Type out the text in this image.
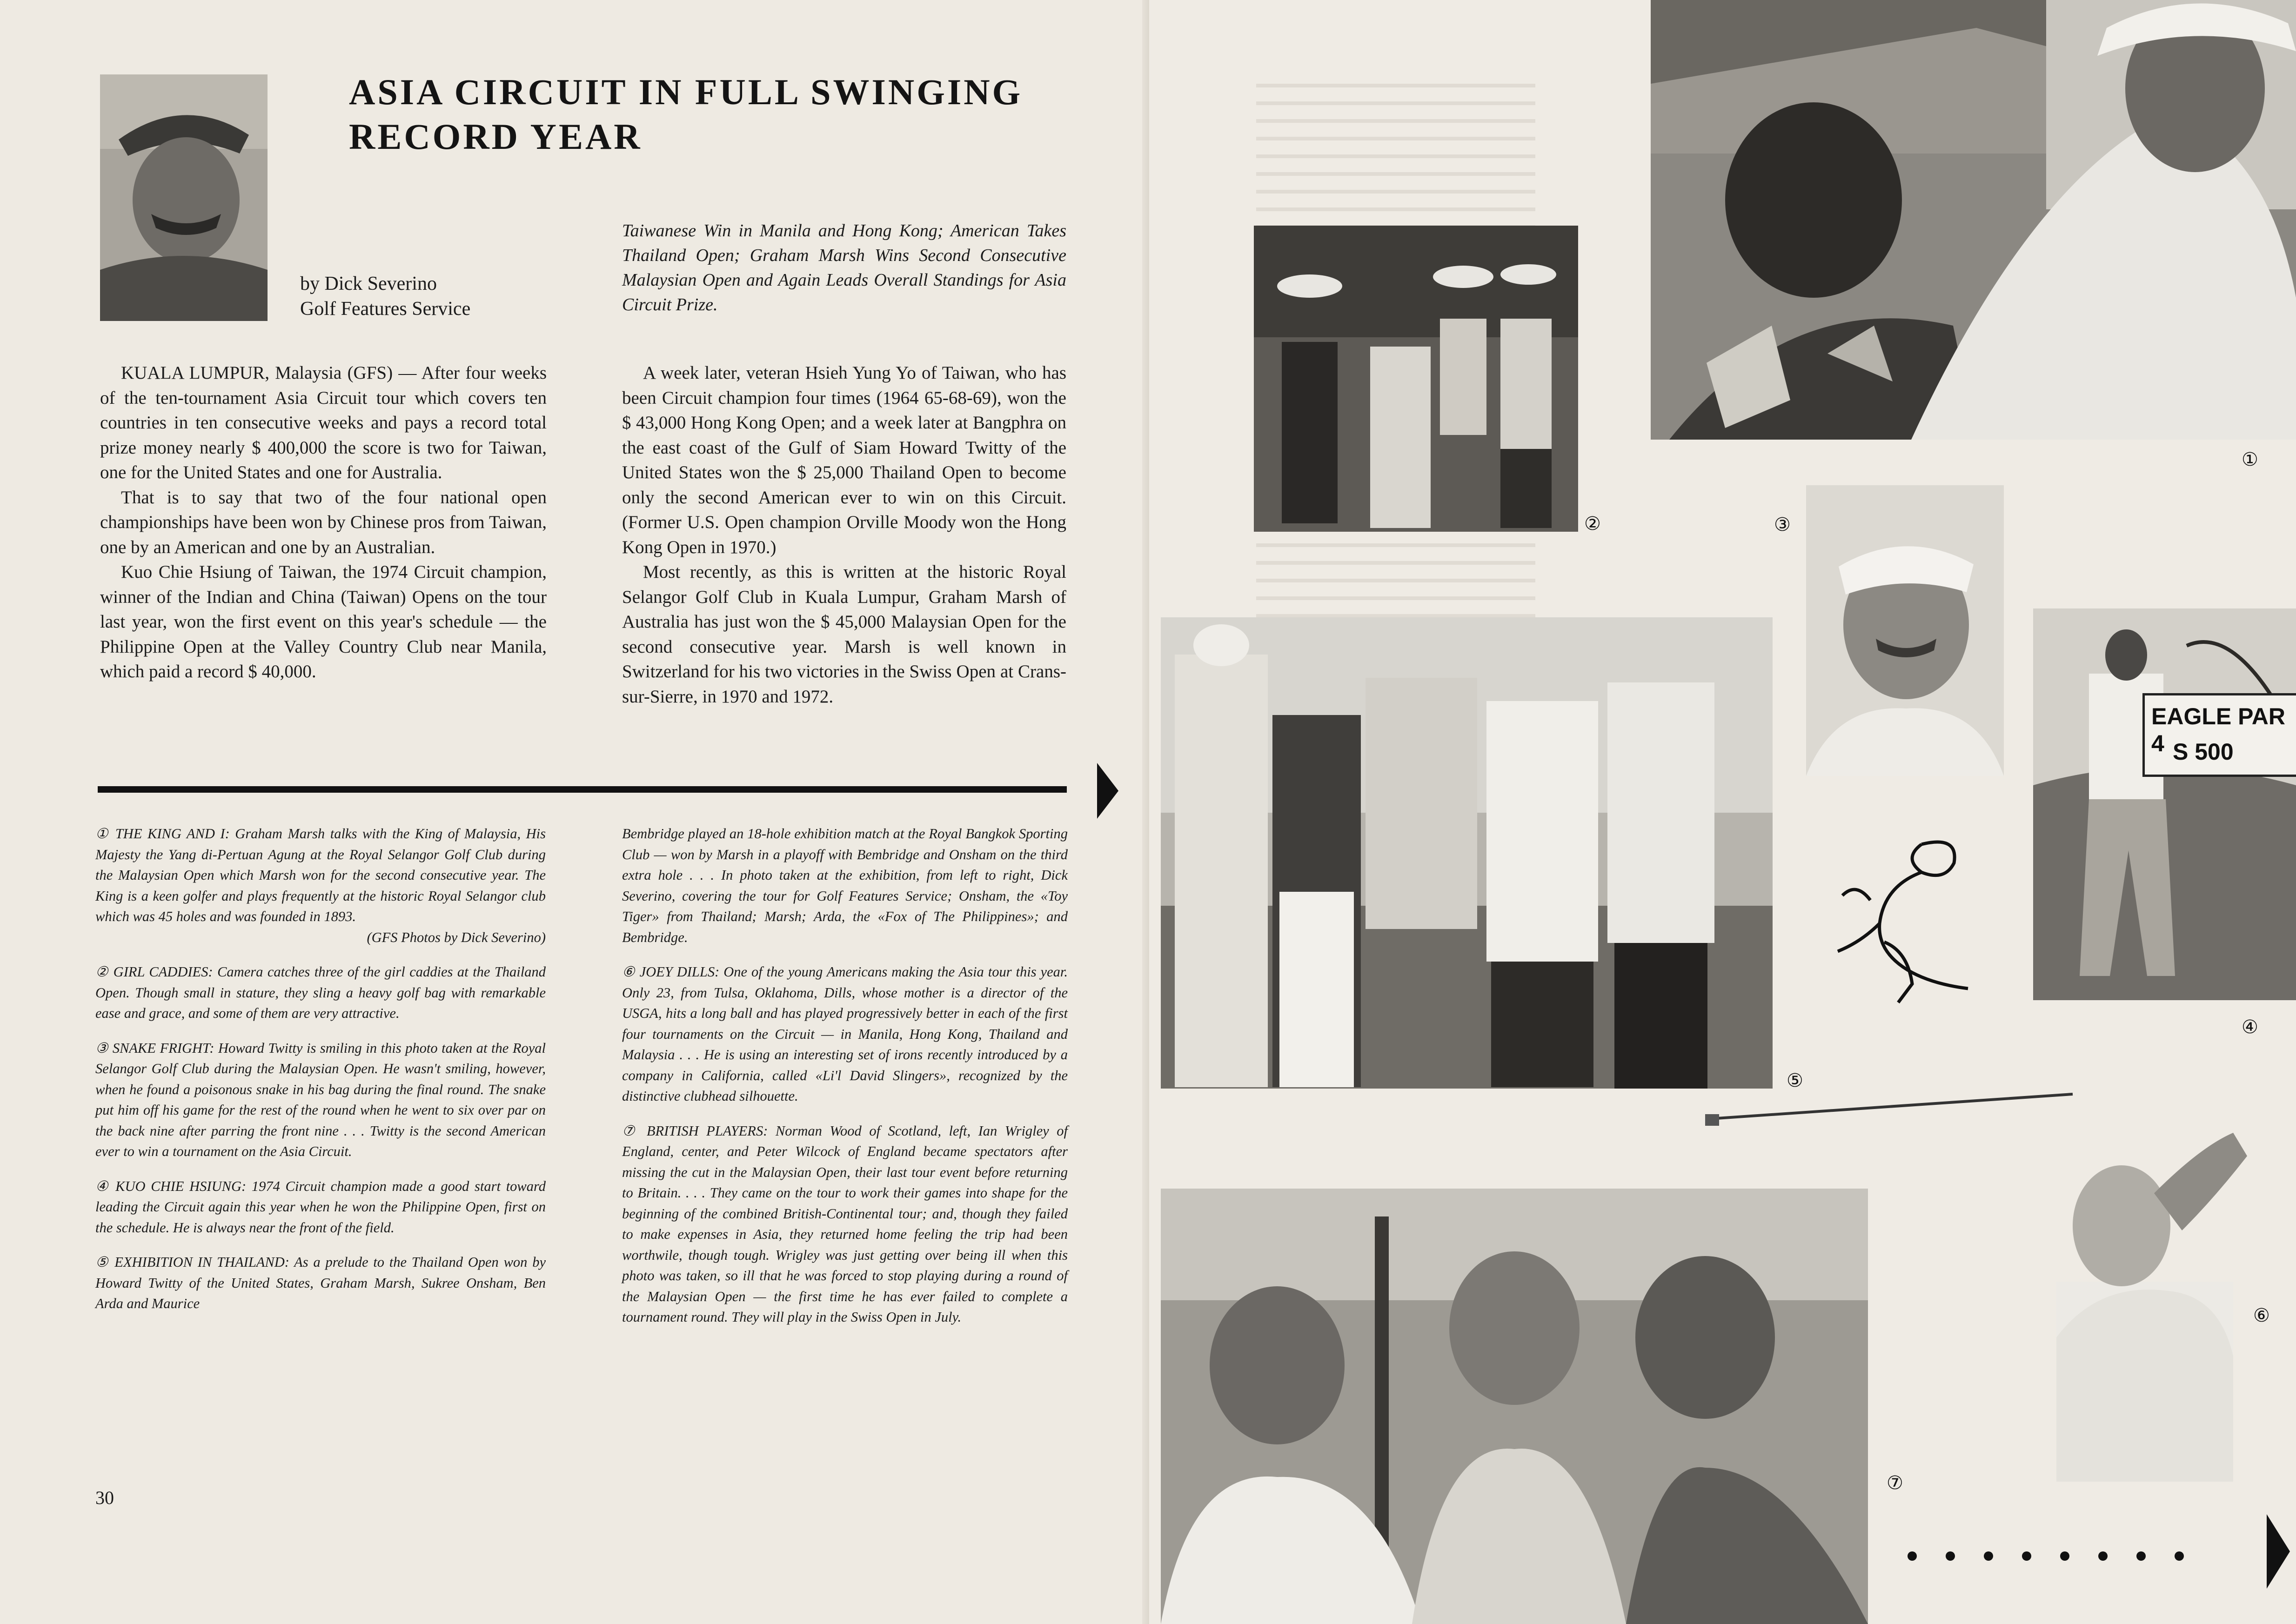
ASIA CIRCUIT IN FULL SWINGING
RECORD YEAR
by Dick Severino
Golf Features Service
Taiwanese Win in Manila and Hong Kong; American Takes Thailand Open; Graham Marsh Wins Second Consecutive Malaysian Open and Again Leads Overall Standings for Asia Circuit Prize.

KUALA LUMPUR, Malaysia (GFS) — After four weeks of the ten-tournament Asia Circuit tour which covers ten countries in ten consecutive weeks and pays a record total prize money nearly $ 400,000 the score is two for Taiwan, one for the United States and one for Australia.

That is to say that two of the four national open championships have been won by Chinese pros from Taiwan, one by an American and one by an Australian.

Kuo Chie Hsiung of Taiwan, the 1974 Circuit champion, winner of the Indian and China (Taiwan) Opens on the tour last year, won the first event on this year's schedule — the Philippine Open at the Valley Country Club near Manila, which paid a record $ 40,000.

A week later, veteran Hsieh Yung Yo of Taiwan, who has been Circuit champion four times (1964 65-68-69), won the $ 43,000 Hong Kong Open; and a week later at Bangphra on the east coast of the Gulf of Siam Howard Twitty of the United States won the $ 25,000 Thailand Open to become only the second American ever to win on this Circuit. (Former U.S. Open champion Orville Moody won the Hong Kong Open in 1970.)

Most recently, as this is written at the historic Royal Selangor Golf Club in Kuala Lumpur, Graham Marsh of Australia has just won the $ 45,000 Malaysian Open for the second consecutive year. Marsh is well known in Switzerland for his two victories in the Swiss Open at Crans-sur-Sierre, in 1970 and 1972.

① THE KING AND I: Graham Marsh talks with the King of Malaysia, His Majesty the Yang di-Pertuan Agung at the Royal Selangor Golf Club during the Malaysian Open which Marsh won for the second consecutive year. The King is a keen golfer and plays frequently at the historic Royal Selangor club which was 45 holes and was founded in 1893.
(GFS Photos by Dick Severino)

② GIRL CADDIES: Camera catches three of the girl caddies at the Thailand Open. Though small in stature, they sling a heavy golf bag with remarkable ease and grace, and some of them are very attractive.

③ SNAKE FRIGHT: Howard Twitty is smiling in this photo taken at the Royal Selangor Golf Club during the Malaysian Open. He wasn't smiling, however, when he found a poisonous snake in his bag during the final round. The snake put him off his game for the rest of the round when he went to six over par on the back nine after parring the front nine . . . Twitty is the second American ever to win a tournament on the Asia Circuit.

④ KUO CHIE HSIUNG: 1974 Circuit champion made a good start toward leading the Circuit again this year when he won the Philippine Open, first on the schedule. He is always near the front of the field.

⑤ EXHIBITION IN THAILAND: As a prelude to the Thailand Open won by Howard Twitty of the United States, Graham Marsh, Sukree Onsham, Ben Arda and Maurice

Bembridge played an 18-hole exhibition match at the Royal Bangkok Sporting Club — won by Marsh in a playoff with Bembridge and Onsham on the third extra hole . . . In photo taken at the exhibition, from left to right, Dick Severino, covering the tour for Golf Features Service; Onsham, the «Toy Tiger» from Thailand; Marsh; Arda, the «Fox of The Philippines»; and Bembridge.

⑥ JOEY DILLS: One of the young Americans making the Asia tour this year. Only 23, from Tulsa, Oklahoma, Dills, whose mother is a director of the USGA, hits a long ball and has played progressively better in each of the first four tournaments on the Circuit — in Manila, Hong Kong, Thailand and Malaysia . . . He is using an interesting set of irons recently introduced by a company in California, called «Li'l David Slingers», recognized by the distinctive clubhead silhouette.

⑦ BRITISH PLAYERS: Norman Wood of Scotland, left, Ian Wrigley of England, center, and Peter Wilcock of England became spectators after missing the cut in the Malaysian Open, their last tour event before returning to Britain. . . . They came on the tour to work their games into shape for the beginning of the combined British-Continental tour; and, though they failed to make expenses in Asia, they returned home feeling the trip had been worthwile, though tough. Wrigley was just getting over being ill when this photo was taken, so ill that he was forced to stop playing during a round of the Malaysian Open — the first time he has ever failed to complete a tournament round. They will play in the Swiss Open in July.

30
①
②	③
EAGLE PAR 4 S 500
④
⑤
⑥
⑦
